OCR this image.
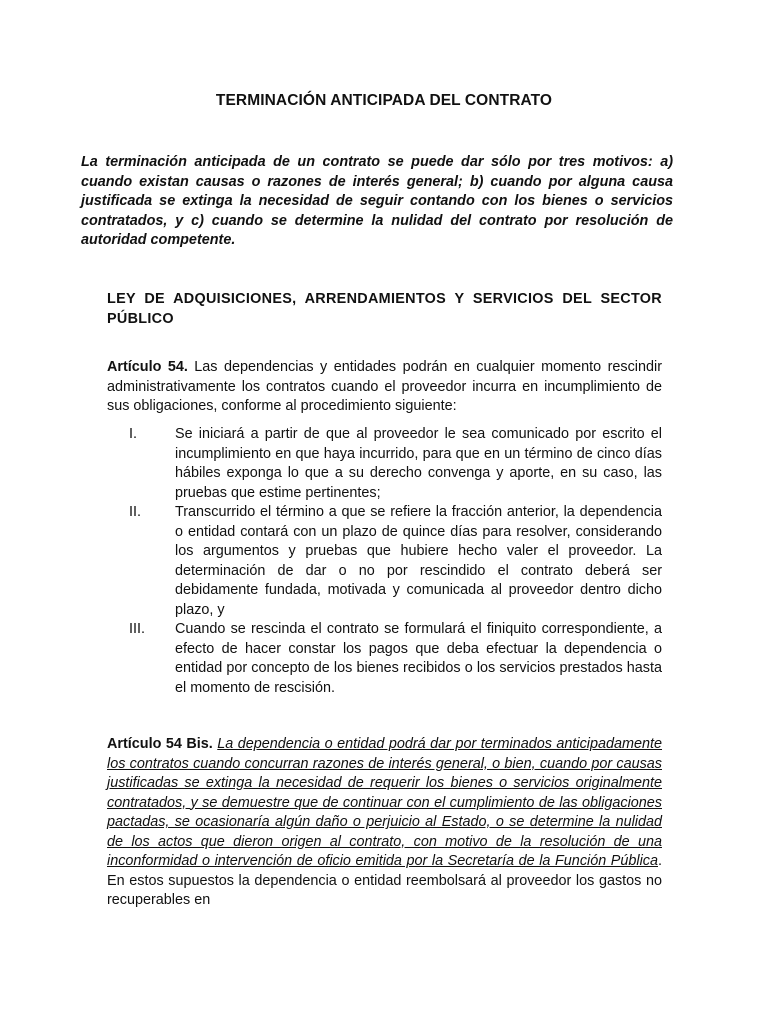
TERMINACIÓN ANTICIPADA DEL CONTRATO

La terminación anticipada de un contrato se puede dar sólo por tres motivos: a) cuando existan causas o razones de interés general; b) cuando por alguna causa justificada se extinga la necesidad de seguir contando con los bienes o servicios contratados, y c) cuando se determine la nulidad del contrato por resolución de autoridad competente.

LEY DE ADQUISICIONES, ARRENDAMIENTOS Y SERVICIOS DEL SECTOR PÚBLICO

Artículo 54. Las dependencias y entidades podrán en cualquier momento rescindir administrativamente los contratos cuando el proveedor incurra en incumplimiento de sus obligaciones, conforme al procedimiento siguiente:

I.	Se iniciará a partir de que al proveedor le sea comunicado por escrito el incumplimiento en que haya incurrido, para que en un término de cinco días hábiles exponga lo que a su derecho convenga y aporte, en su caso, las pruebas que estime pertinentes;
II. Transcurrido el término a que se refiere la fracción anterior, la dependencia o entidad contará con un plazo de quince días para resolver, considerando los argumentos y pruebas que hubiere hecho valer el proveedor. La determinación de dar o no por rescindido el contrato deberá ser debidamente fundada, motivada y comunicada al proveedor dentro dicho plazo, y
III. Cuando se rescinda el contrato se formulará el finiquito correspondiente, a efecto de hacer constar los pagos que deba efectuar la dependencia o entidad por concepto de los bienes recibidos o los servicios prestados hasta el momento de rescisión.

Artículo 54 Bis. La dependencia o entidad podrá dar por terminados anticipadamente los contratos cuando concurran razones de interés general, o bien, cuando por causas justificadas se extinga la necesidad de requerir los bienes o servicios originalmente contratados, y se demuestre que de continuar con el cumplimiento de las obligaciones pactadas, se ocasionaría algún daño o perjuicio al Estado, o se determine la nulidad de los actos que dieron origen al contrato, con motivo de la resolución de una inconformidad o intervención de oficio emitida por la Secretaría de la Función Pública. En estos supuestos la dependencia o entidad reembolsará al proveedor los gastos no recuperables en
